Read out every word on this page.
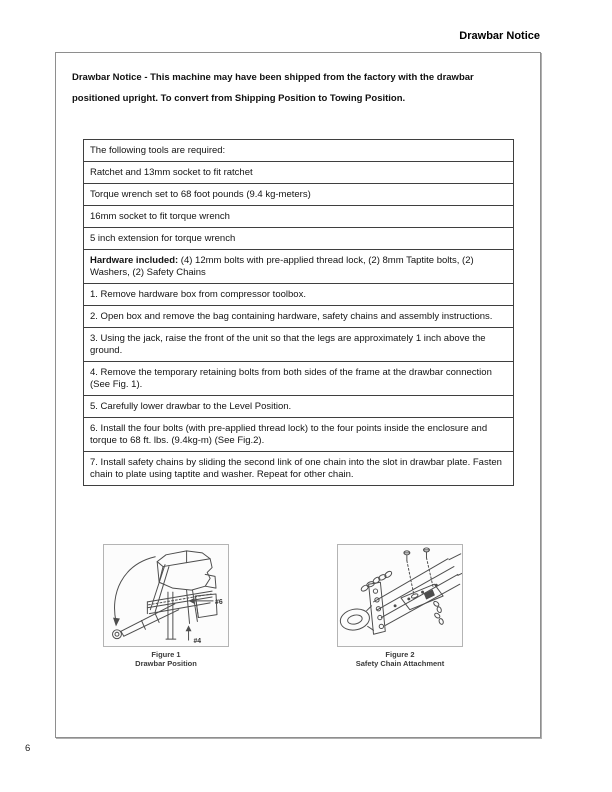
Drawbar Notice
Drawbar Notice - This machine may have been shipped from the factory with the drawbar
positioned upright. To convert from Shipping Position to Towing Position.
The following tools are required:
Ratchet and 13mm socket to fit ratchet
Torque wrench set to 68 foot pounds (9.4 kg-meters)
16mm socket to fit torque wrench
5 inch extension for torque wrench
Hardware included: (4) 12mm bolts with pre-applied thread lock, (2) 8mm Taptite bolts, (2) Washers, (2) Safety Chains
1. Remove hardware box from compressor toolbox.
2. Open box and remove the bag containing hardware, safety chains and assembly instructions.
3. Using the jack, raise the front of the unit so that the legs are approximately 1 inch above the ground.
4. Remove the temporary retaining bolts from both sides of the frame at the drawbar connection (See Fig. 1).
5. Carefully lower drawbar to the Level Position.
6. Install the four bolts (with pre-applied thread lock) to the four points inside the enclosure and torque to 68 ft. lbs. (9.4kg-m) (See Fig.2).
7. Install safety chains by sliding the second link of one chain into the slot in drawbar plate. Fasten chain to plate using taptite and washer. Repeat for other chain.
#6
#4
Figure 1
Drawbar Position
Figure 2
Safety Chain Attachment
6
